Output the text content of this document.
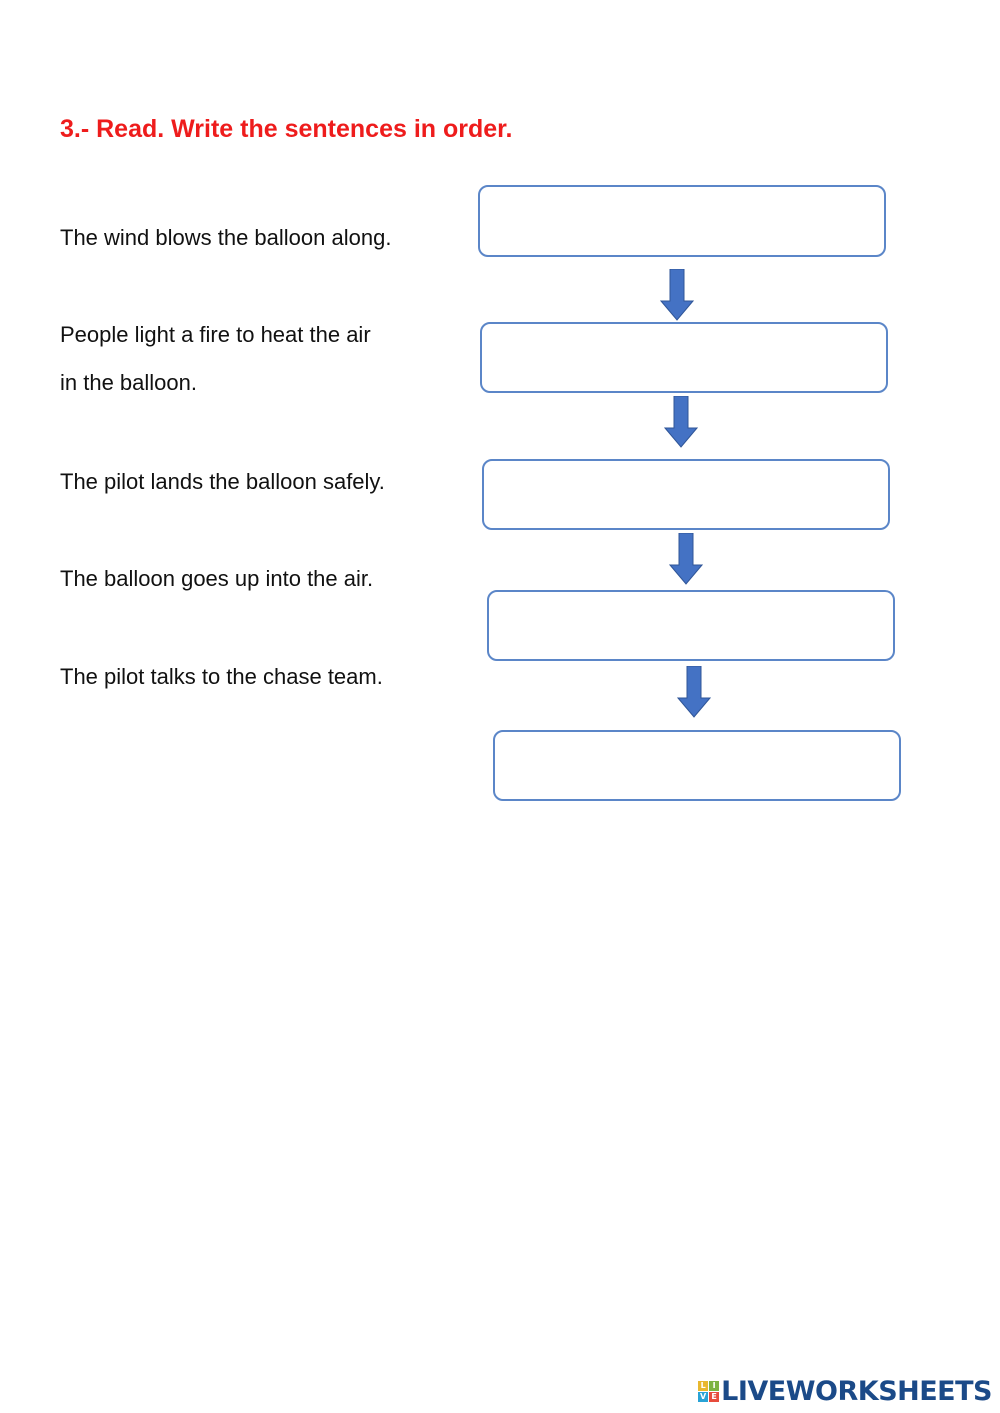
3.- Read. Write the sentences in order.
The wind blows the balloon along.
People light a fire to heat the air
in the balloon.
The pilot lands the balloon safely.
The balloon goes up into the air.
The pilot talks to the chase team.
L I
V E LIVEWORKSHEETS
